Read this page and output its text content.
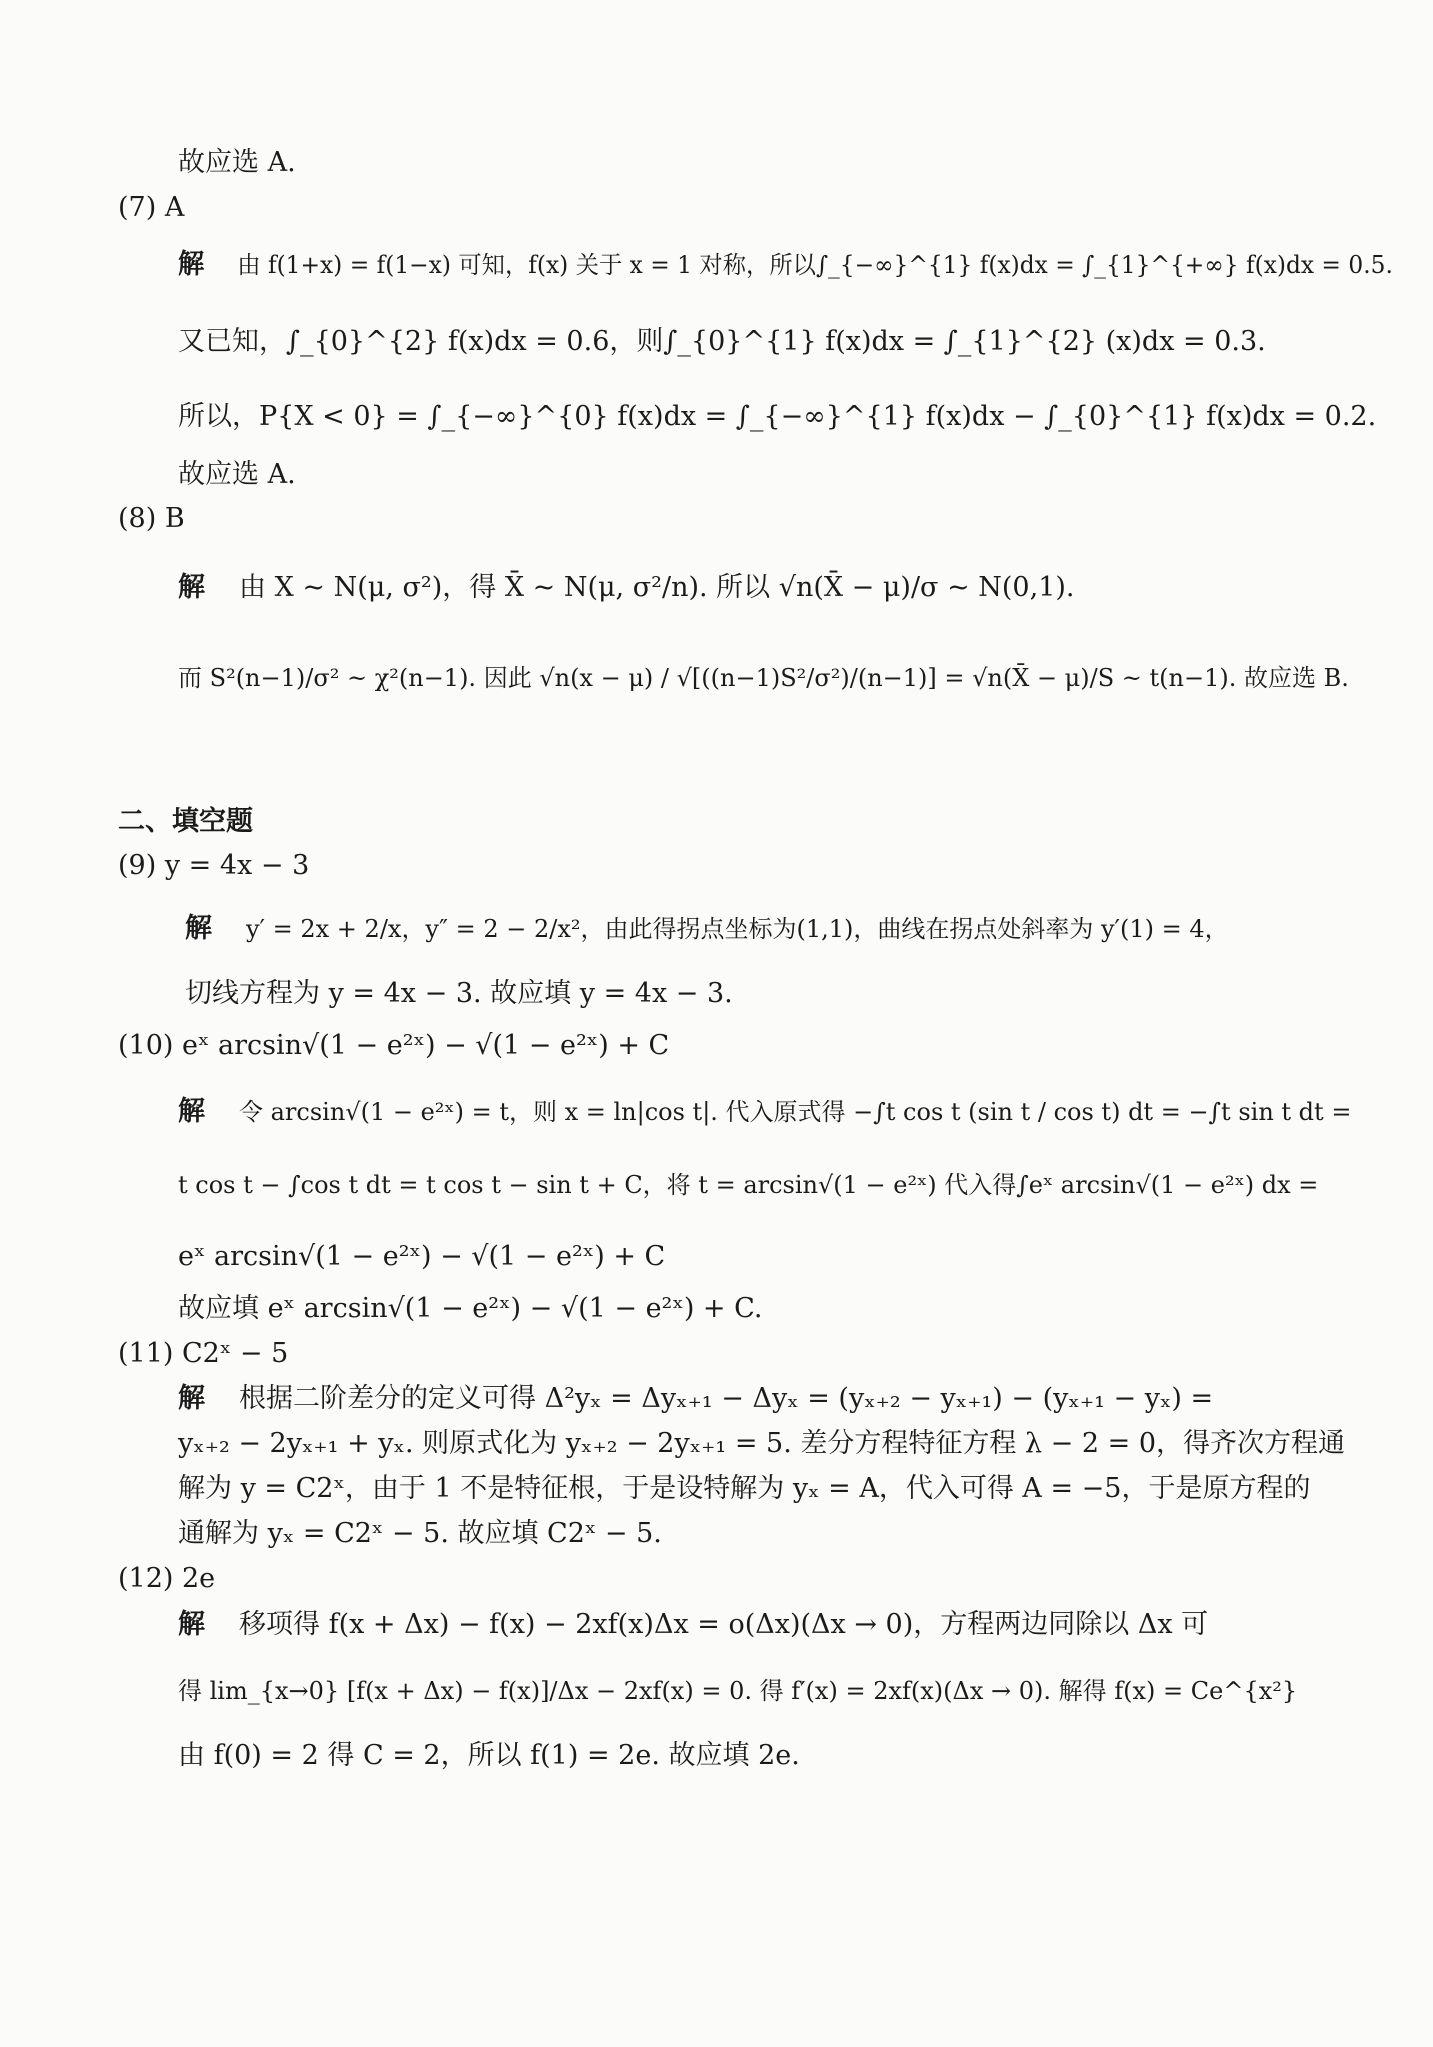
故应选 A.
(7) A
解 由 f(1+x) = f(1−x) 可知，f(x) 关于 x = 1 对称，所以∫_{−∞}^{1} f(x)dx = ∫_{1}^{+∞} f(x)dx = 0.5.
又已知，∫_{0}^{2} f(x)dx = 0.6，则∫_{0}^{1} f(x)dx = ∫_{1}^{2} (x)dx = 0.3.
所以，P{X < 0} = ∫_{−∞}^{0} f(x)dx = ∫_{−∞}^{1} f(x)dx − ∫_{0}^{1} f(x)dx = 0.2.
故应选 A.
(8) B
解 由 X ~ N(μ, σ²)，得 X̄ ~ N(μ, σ²/n). 所以 √n(X̄ − μ)/σ ~ N(0,1).
而 S²(n−1)/σ² ~ χ²(n−1). 因此 √n(x − μ) / √[((n−1)S²/σ²)/(n−1)] = √n(X̄ − μ)/S ~ t(n−1). 故应选 B.
二、填空题
(9) y = 4x − 3
解 y′ = 2x + 2/x，y″ = 2 − 2/x²，由此得拐点坐标为(1,1)，曲线在拐点处斜率为 y′(1) = 4，
切线方程为 y = 4x − 3. 故应填 y = 4x − 3.
(10) eˣ arcsin√(1 − e²ˣ) − √(1 − e²ˣ) + C
解 令 arcsin√(1 − e²ˣ) = t，则 x = ln|cos t|. 代入原式得 −∫t cos t (sin t / cos t) dt = −∫t sin t dt =
t cos t − ∫cos t dt = t cos t − sin t + C，将 t = arcsin√(1 − e²ˣ) 代入得∫eˣ arcsin√(1 − e²ˣ) dx =
eˣ arcsin√(1 − e²ˣ) − √(1 − e²ˣ) + C
故应填 eˣ arcsin√(1 − e²ˣ) − √(1 − e²ˣ) + C.
(11) C2ˣ − 5
解 根据二阶差分的定义可得 Δ²yₓ = Δyₓ₊₁ − Δyₓ = (yₓ₊₂ − yₓ₊₁) − (yₓ₊₁ − yₓ) =
yₓ₊₂ − 2yₓ₊₁ + yₓ. 则原式化为 yₓ₊₂ − 2yₓ₊₁ = 5. 差分方程特征方程 λ − 2 = 0，得齐次方程通
解为 y = C2ˣ，由于 1 不是特征根，于是设特解为 yₓ = A，代入可得 A = −5，于是原方程的
通解为 yₓ = C2ˣ − 5. 故应填 C2ˣ − 5.
(12) 2e
解 移项得 f(x + Δx) − f(x) − 2xf(x)Δx = o(Δx)(Δx → 0)，方程两边同除以 Δx 可
得 lim_{x→0} [f(x + Δx) − f(x)]/Δx − 2xf(x) = 0. 得 f′(x) = 2xf(x)(Δx → 0). 解得 f(x) = Ce^{x²}
由 f(0) = 2 得 C = 2，所以 f(1) = 2e. 故应填 2e.
